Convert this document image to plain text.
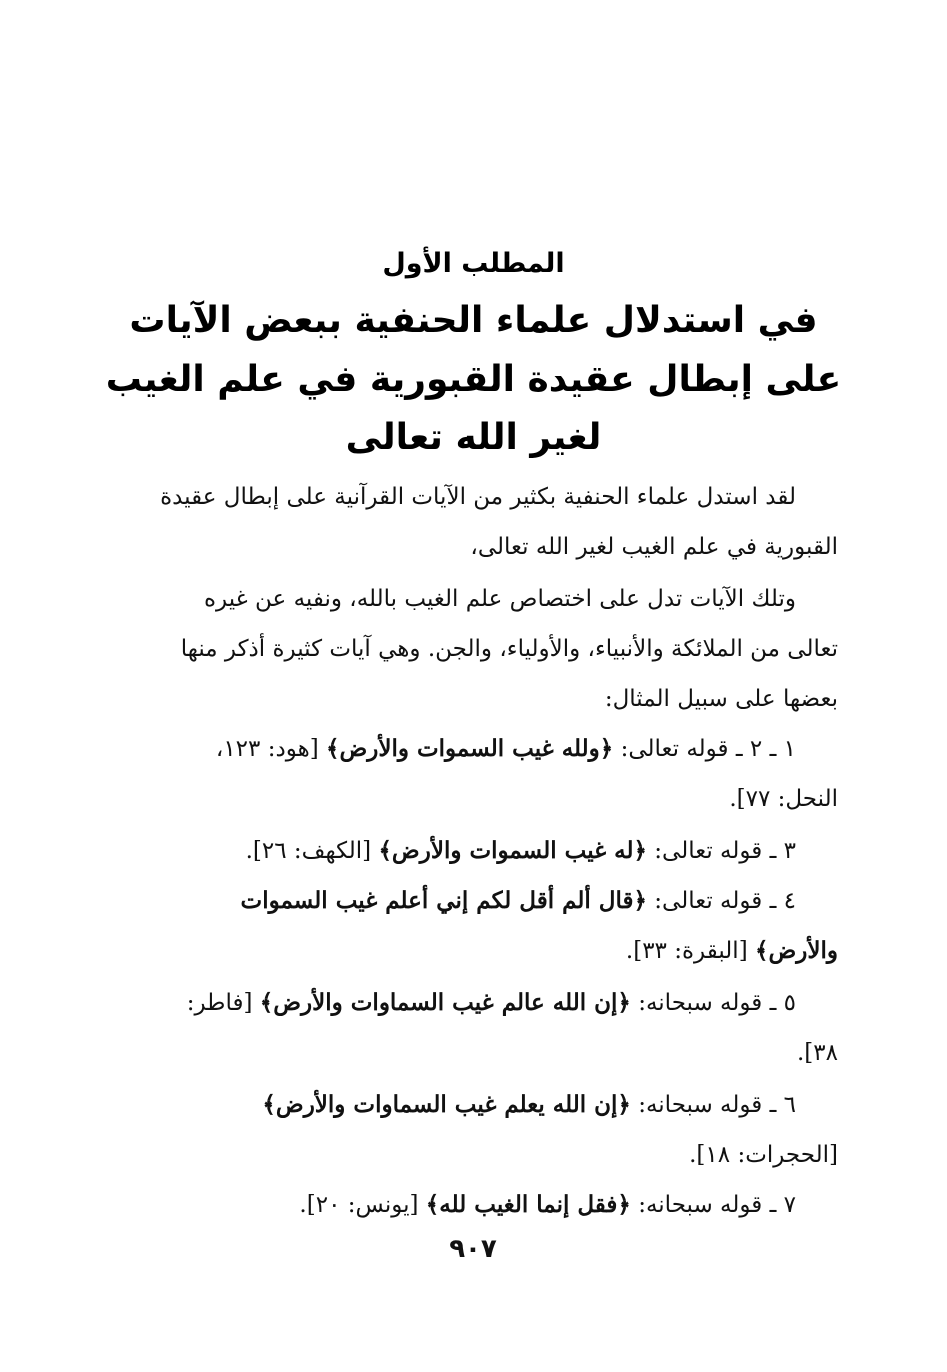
المطلب الأول
في استدلال علماء الحنفية ببعض الآيات
على إبطال عقيدة القبورية في علم الغيب
لغير الله تعالى
لقد استدل علماء الحنفية بكثير من الآيات القرآنية على إبطال عقيدة
القبورية في علم الغيب لغير الله تعالى،
وتلك الآيات تدل على اختصاص علم الغيب بالله، ونفيه عن غيره
تعالى من الملائكة والأنبياء، والأولياء، والجن. وهي آيات كثيرة أذكر منها
بعضها على سبيل المثال:
١ ـ ٢ ـ قوله تعالى: ﴿ولله غيب السموات والأرض﴾ [هود: ١٢٣،
النحل: ٧٧].
٣ ـ قوله تعالى: ﴿له غيب السموات والأرض﴾ [الكهف: ٢٦].
٤ ـ قوله تعالى: ﴿قال ألم أقل لكم إني أعلم غيب السموات
والأرض﴾ [البقرة: ٣٣].
٥ ـ قوله سبحانه: ﴿إن الله عالم غيب السماوات والأرض﴾ [فاطر:
٣٨].
٦ ـ قوله سبحانه: ﴿إن الله يعلم غيب السماوات والأرض﴾
[الحجرات: ١٨].
٧ ـ قوله سبحانه: ﴿فقل إنما الغيب لله﴾ [يونس: ٢٠].
٩٠٧
